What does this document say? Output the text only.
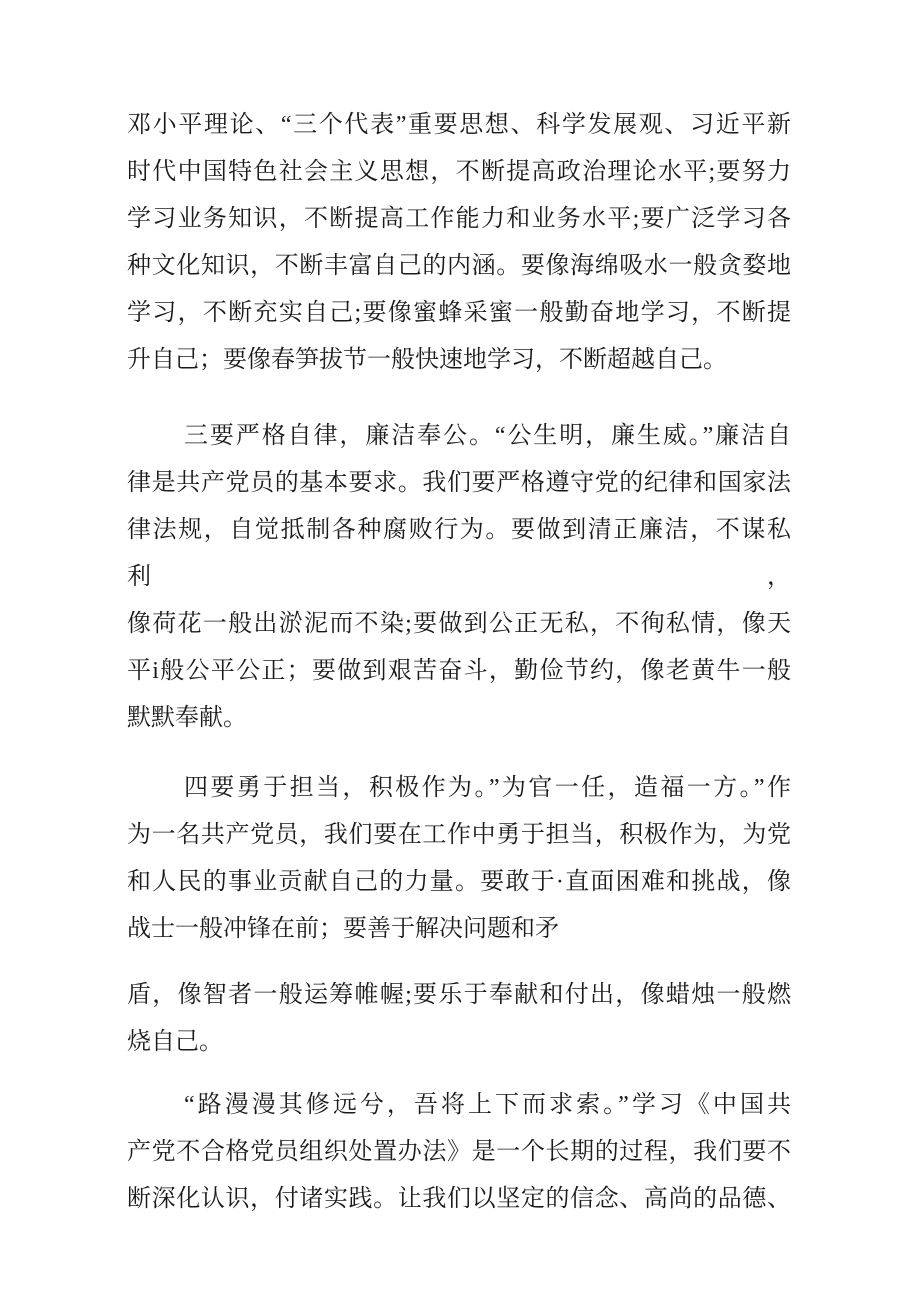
邓小平理论、“三个代表”重要思想、科学发展观、习近平新
时代中国特色社会主义思想，不断提高政治理论水平;要努力
学习业务知识，不断提高工作能力和业务水平;要广泛学习各
种文化知识，不断丰富自己的内涵。要像海绵吸水一般贪婺地
学习，不断充实自己;要像蜜蜂采蜜一般勤奋地学习，不断提
升自己；要像春笋拔节一般快速地学习，不断超越自己。
三要严格自律，廉洁奉公。“公生明，廉生威。”廉洁自
律是共产党员的基本要求。我们要严格遵守党的纪律和国家法
律法规，自觉抵制各种腐败行为。要做到清正廉洁，不谋私利，
像荷花一般出淤泥而不染;要做到公正无私，不徇私情，像天
平i般公平公正；要做到艰苦奋斗，勤俭节约，像老黄牛一般
默默奉献。
四要勇于担当，积极作为。”为官一任，造福一方。”作
为一名共产党员，我们要在工作中勇于担当，积极作为，为党
和人民的事业贡献自己的力量。要敢于·直面困难和挑战，像
战士一般冲锋在前；要善于解决问题和矛
盾，像智者一般运筹帷幄;要乐于奉献和付出，像蜡烛一般燃
烧自己。
“路漫漫其修远兮，吾将上下而求索。”学习《中国共
产党不合格党员组织处置办法》是一个长期的过程，我们要不
断深化认识，付诸实践。让我们以坚定的信念、高尚的品德、
